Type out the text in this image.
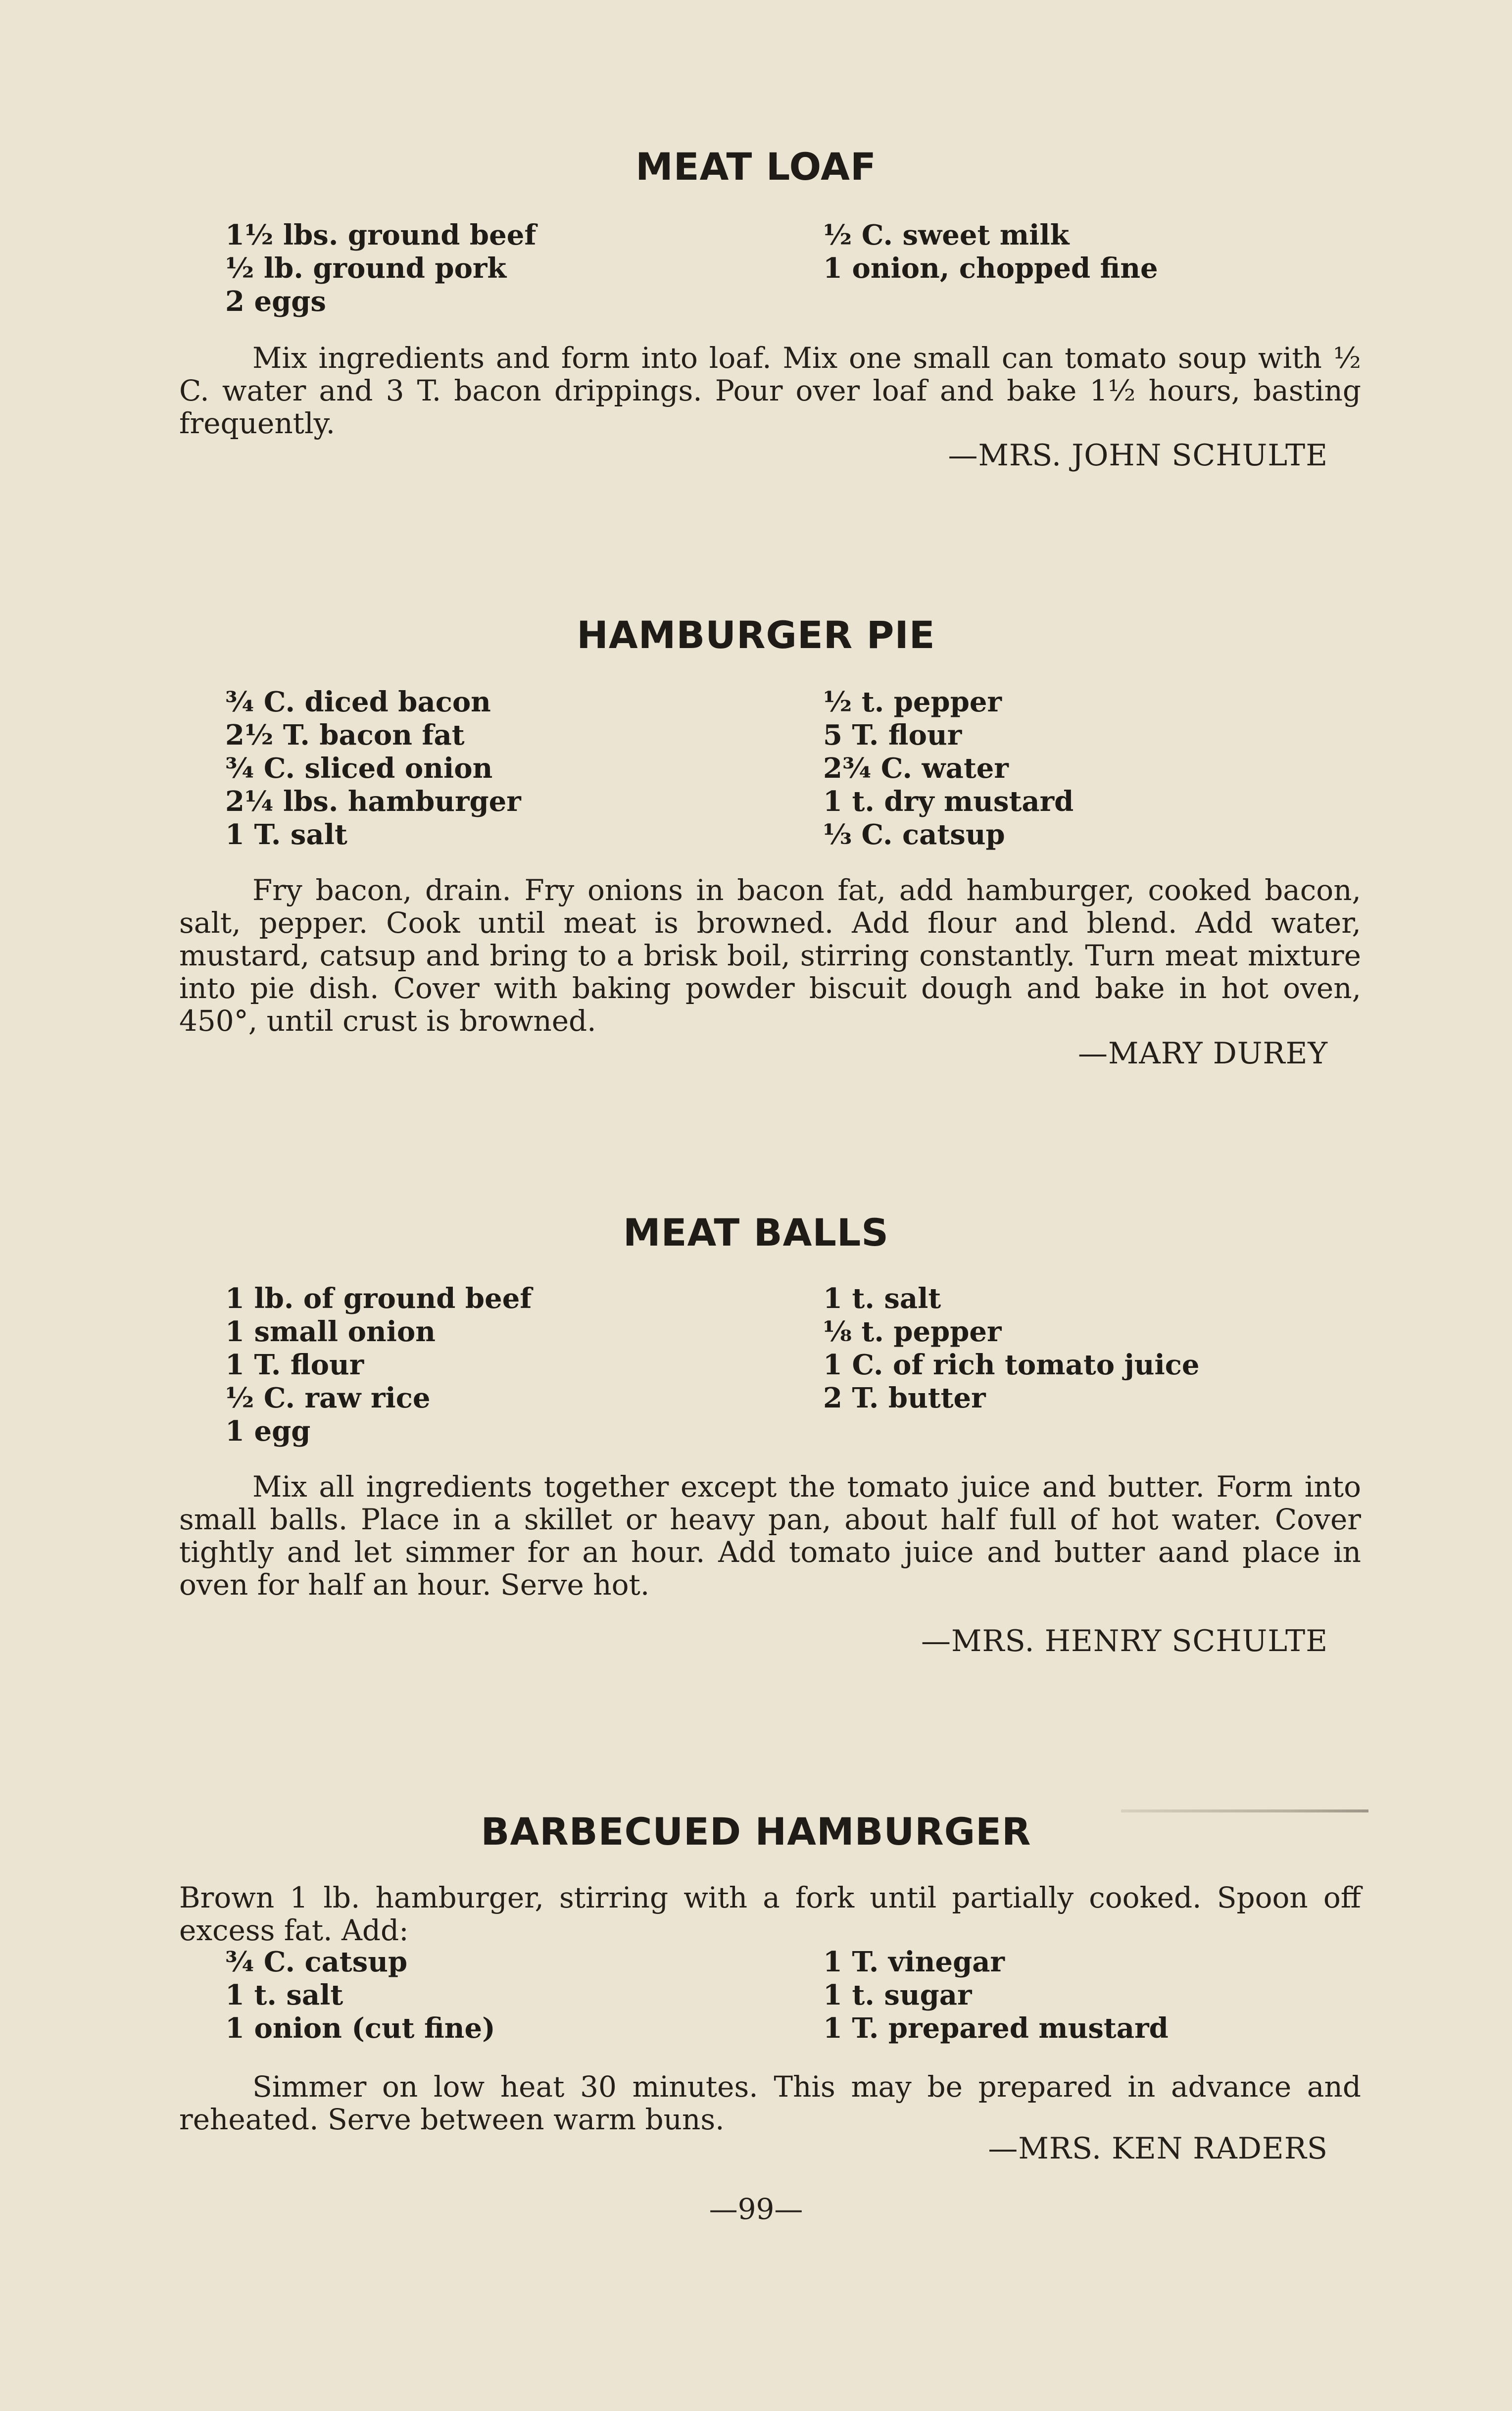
MEAT LOAF
1½ lbs. ground beef
½ lb. ground pork
2 eggs
½ C. sweet milk
1 onion, chopped fine
Mix ingredients and form into loaf. Mix one small can tomato soup with ½ C. water and 3 T. bacon drippings. Pour over loaf and bake 1½ hours, basting frequently.
—MRS. JOHN SCHULTE
HAMBURGER PIE
¾ C. diced bacon
2½ T. bacon fat
¾ C. sliced onion
2¼ lbs. hamburger
1 T. salt
½ t. pepper
5 T. flour
2¾ C. water
1 t. dry mustard
⅓ C. catsup
Fry bacon, drain. Fry onions in bacon fat, add hamburger, cooked bacon, salt, pepper. Cook until meat is browned. Add flour and blend. Add water, mustard, catsup and bring to a brisk boil, stirring constantly. Turn meat mixture into pie dish. Cover with baking powder biscuit dough and bake in hot oven, 450°, until crust is browned.
—MARY DUREY
MEAT BALLS
1 lb. of ground beef
1 small onion
1 T. flour
½ C. raw rice
1 egg
1 t. salt
⅛ t. pepper
1 C. of rich tomato juice
2 T. butter
Mix all ingredients together except the tomato juice and butter. Form into small balls. Place in a skillet or heavy pan, about half full of hot water. Cover tightly and let simmer for an hour. Add tomato juice and butter aand place in oven for half an hour. Serve hot.
—MRS. HENRY SCHULTE
BARBECUED HAMBURGER
Brown 1 lb. hamburger, stirring with a fork until partially cooked. Spoon off excess fat. Add:
¾ C. catsup
1 t. salt
1 onion (cut fine)
1 T. vinegar
1 t. sugar
1 T. prepared mustard
Simmer on low heat 30 minutes. This may be prepared in advance and reheated. Serve between warm buns.
—MRS. KEN RADERS
—99—
